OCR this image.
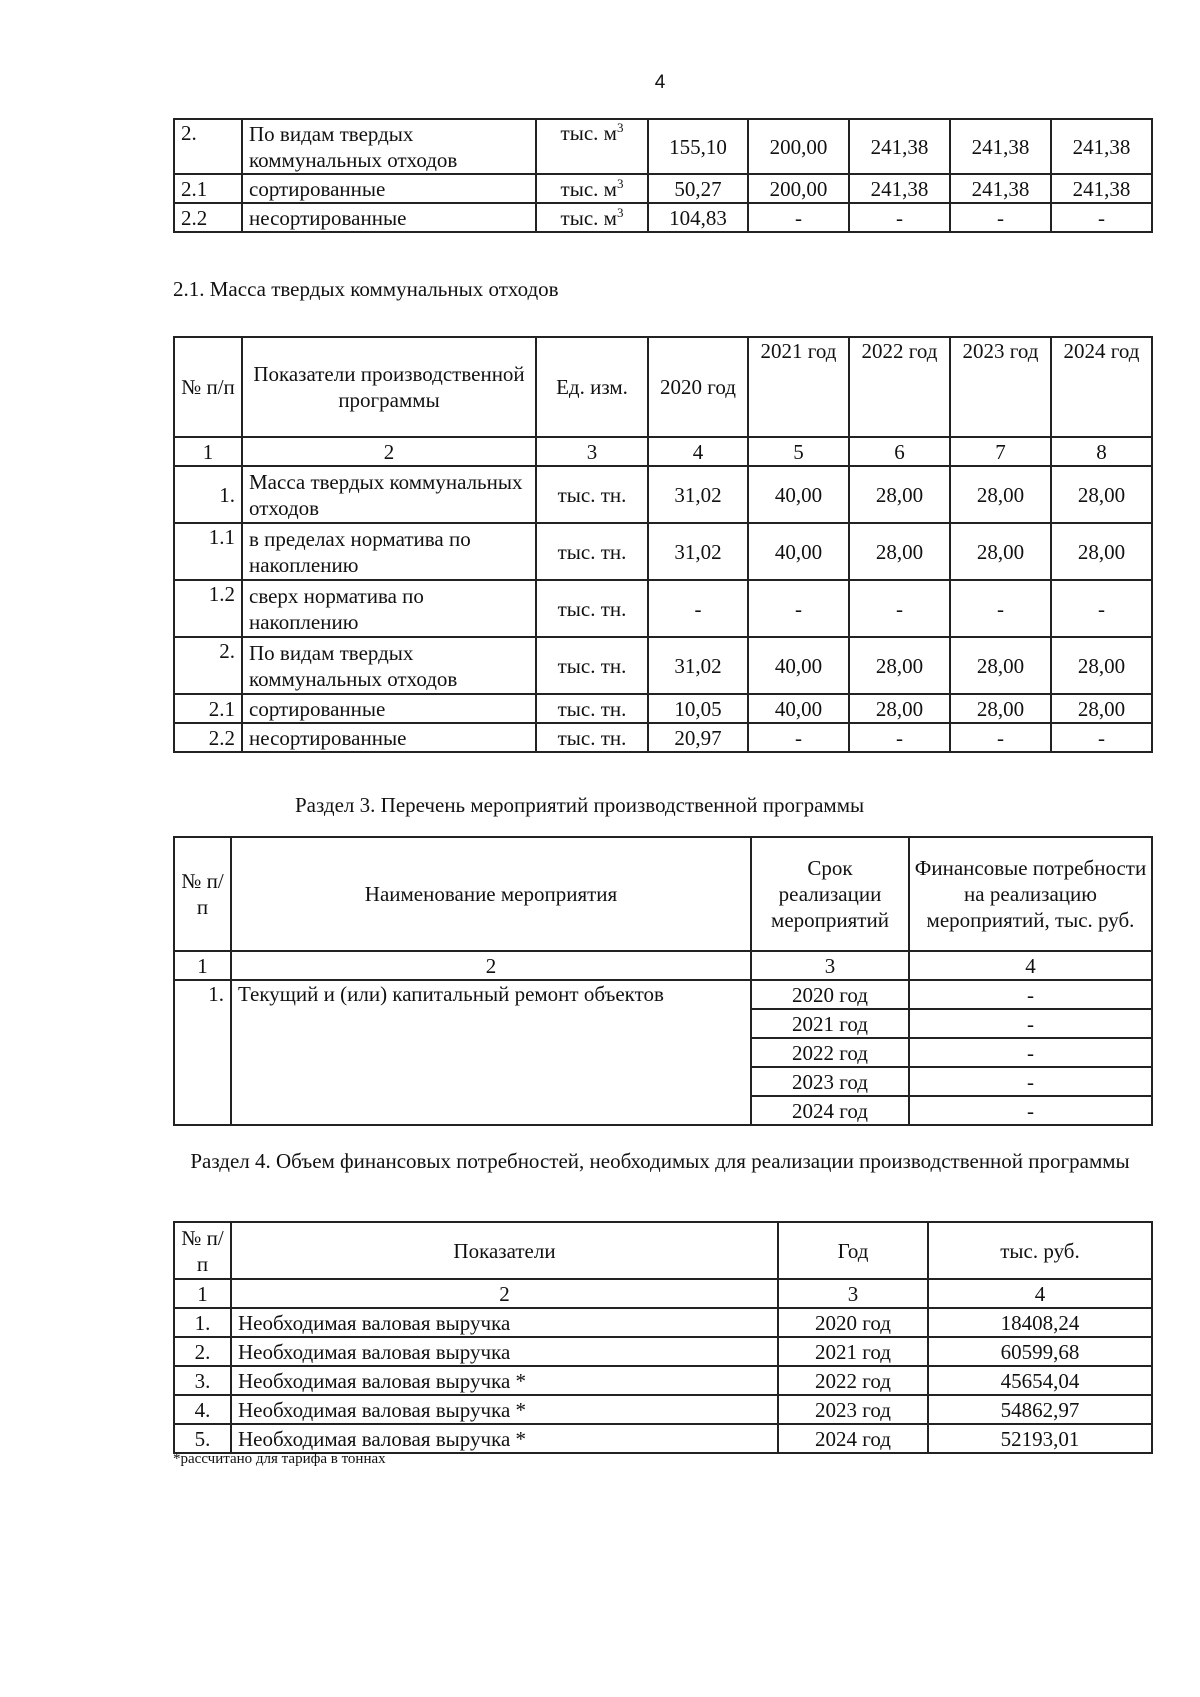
4
2.	По видам твердых коммунальных отходов	тыс. $м^3$	155,10	200,00	241,38	241,38	241,38
2.1	сортированные	тыс. $м^3$	50,27	200,00	241,38	241,38	241,38
2.2	несортированные	тыс. $м^3$	104,83	-	-	-	-
2.1. Масса твердых коммунальных отходов
№ п/п	Показатели производственной программы	Ед. изм.	2020 год	2021 год	2022 год	2023 год	2024 год
1	2	3	4	5	6	7	8
1.	Масса твердых коммунальных отходов	тыс. тн.	31,02	40,00	28,00	28,00	28,00
1.1	в пределах норматива по накоплению	тыс. тн.	31,02	40,00	28,00	28,00	28,00
1.2	сверх норматива по накоплению	тыс. тн.	-	-	-	-	-
2.	По видам твердых коммунальных отходов	тыс. тн.	31,02	40,00	28,00	28,00	28,00
2.1	сортированные	тыс. тн.	10,05	40,00	28,00	28,00	28,00
2.2	несортированные	тыс. тн.	20,97	-	-	-	-
Раздел 3. Перечень мероприятий производственной программы
№ п/п	Наименование мероприятия	Срок реализации мероприятий	Финансовые потребности на реализацию мероприятий, тыс. руб.
1	2	3	4
1.	Текущий и (или) капитальный ремонт объектов	2020 год	-
		2021 год	-
		2022 год	-
		2023 год	-
		2024 год	-
Раздел 4. Объем финансовых потребностей, необходимых для реализации производственной программы
№ п/п	Показатели	Год	тыс. руб.
1	2	3	4
1.	Необходимая валовая выручка	2020 год	18408,24
2.	Необходимая валовая выручка	2021 год	60599,68
3.	Необходимая валовая выручка *	2022 год	45654,04
4.	Необходимая валовая выручка *	2023 год	54862,97
5.	Необходимая валовая выручка *	2024 год	52193,01
*рассчитано для тарифа в тоннах
